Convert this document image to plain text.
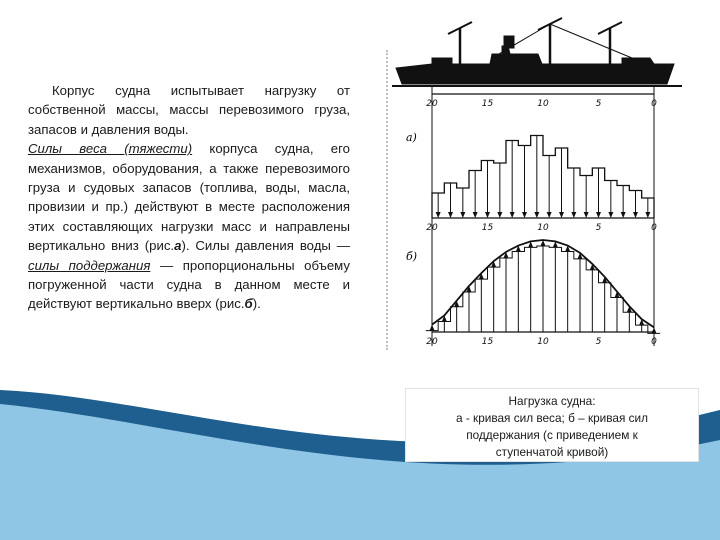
Корпус судна испытывает нагрузку от собственной массы, массы перевозимого груза, запасов и давления воды.
Силы веса (тяжести) корпуса судна, его механизмов, оборудования, а также перевозимого груза и судовых запасов (топлива, воды, масла, провизии и пр.) действуют в месте расположения этих составляющих нагрузки масс и направлены вертикально вниз (рис.а). Силы давления воды — силы поддержания — пропорциональны объему погруженной части судна в данном месте и действуют вертикально вверх (рис.б).
20	15	10	5	0
20	15	10	5	0
20	15	10	5	0
а)
б)
Нагрузка судна:
а - кривая сил веса; б – кривая сил
поддержания (с приведением к
ступенчатой кривой)
